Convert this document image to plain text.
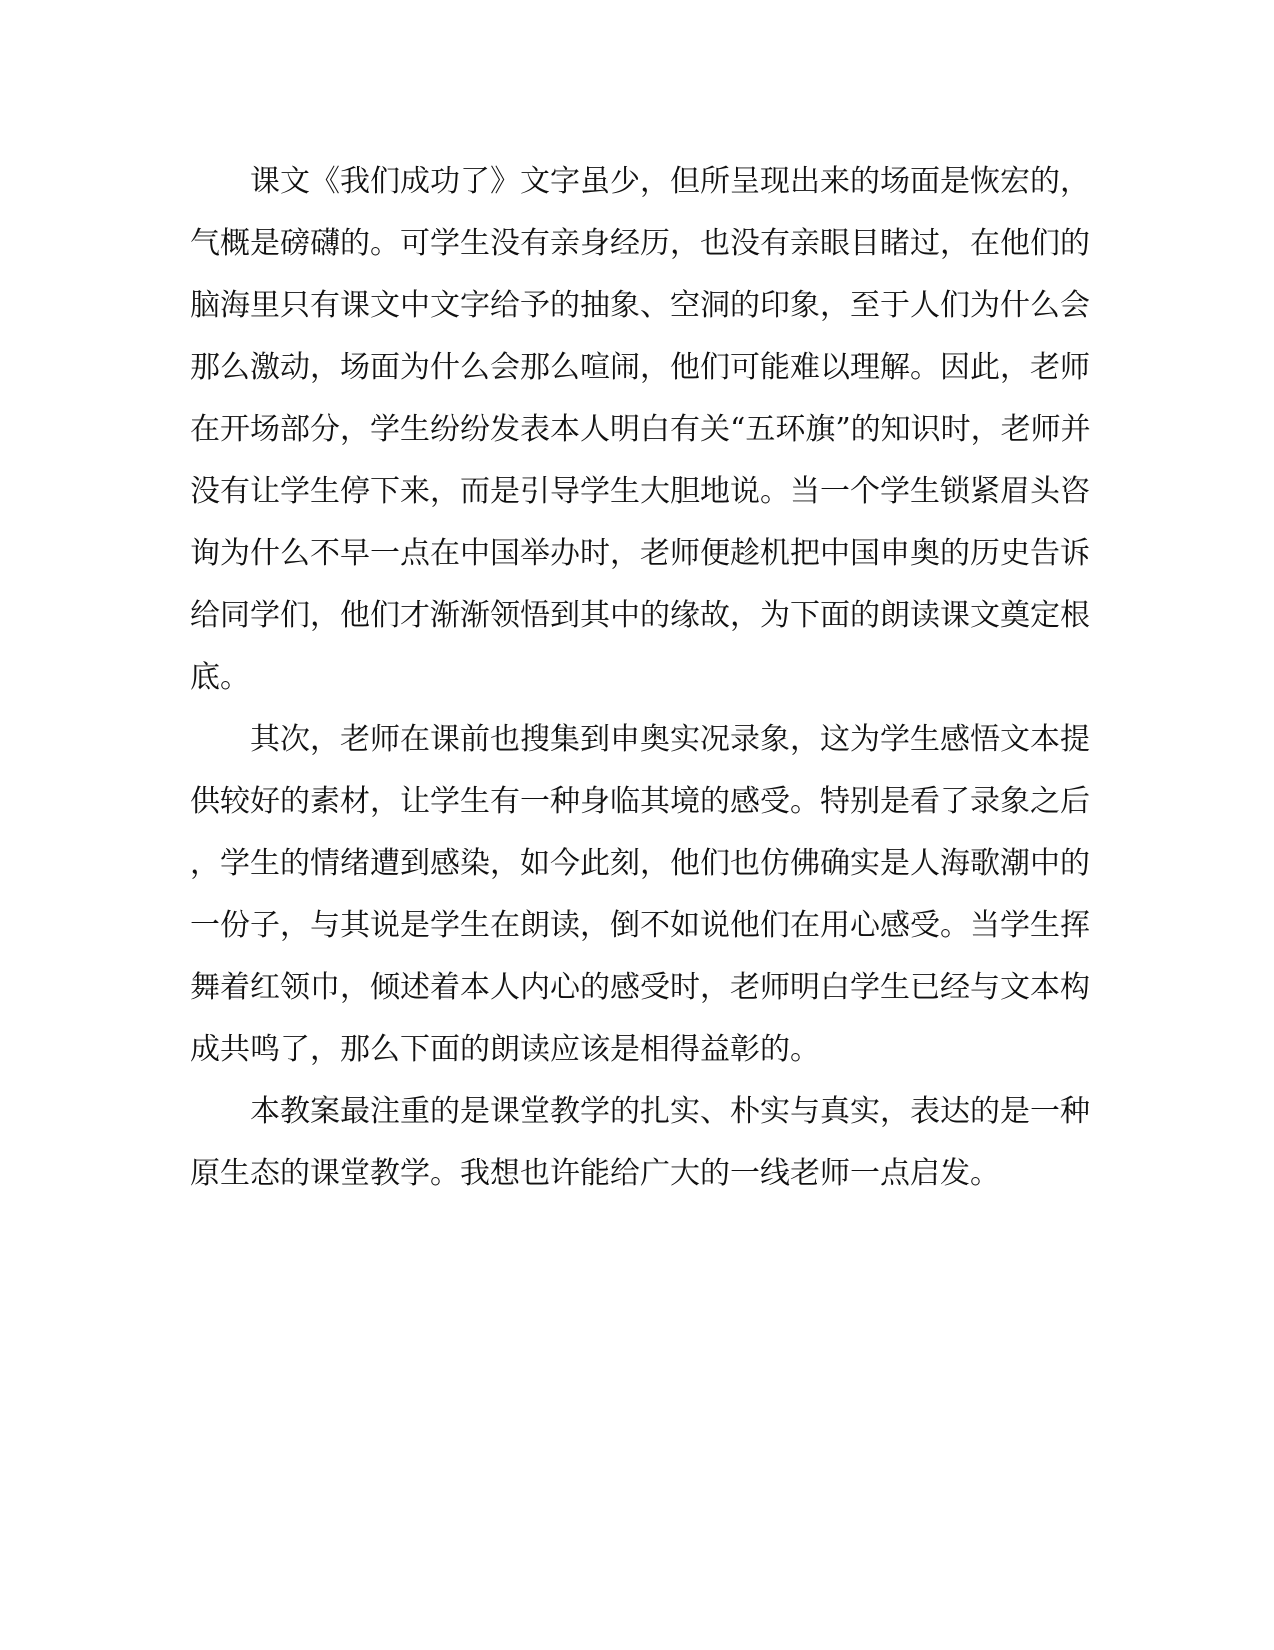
课文《我们成功了》文字虽少，但所呈现出来的场面是恢宏的，
气概是磅礴的。可学生没有亲身经历，也没有亲眼目睹过，在他们的
脑海里只有课文中文字给予的抽象、空洞的印象，至于人们为什么会
那么激动，场面为什么会那么喧闹，他们可能难以理解。因此，老师
在开场部分，学生纷纷发表本人明白有关“五环旗”的知识时，老师并
没有让学生停下来，而是引导学生大胆地说。当一个学生锁紧眉头咨
询为什么不早一点在中国举办时，老师便趁机把中国申奥的历史告诉
给同学们，他们才渐渐领悟到其中的缘故，为下面的朗读课文奠定根
底。
其次，老师在课前也搜集到申奥实况录象，这为学生感悟文本提
供较好的素材，让学生有一种身临其境的感受。特别是看了录象之后
，学生的情绪遭到感染，如今此刻，他们也仿佛确实是人海歌潮中的
一份子，与其说是学生在朗读，倒不如说他们在用心感受。当学生挥
舞着红领巾，倾述着本人内心的感受时，老师明白学生已经与文本构
成共鸣了，那么下面的朗读应该是相得益彰的。
本教案最注重的是课堂教学的扎实、朴实与真实，表达的是一种
原生态的课堂教学。我想也许能给广大的一线老师一点启发。
